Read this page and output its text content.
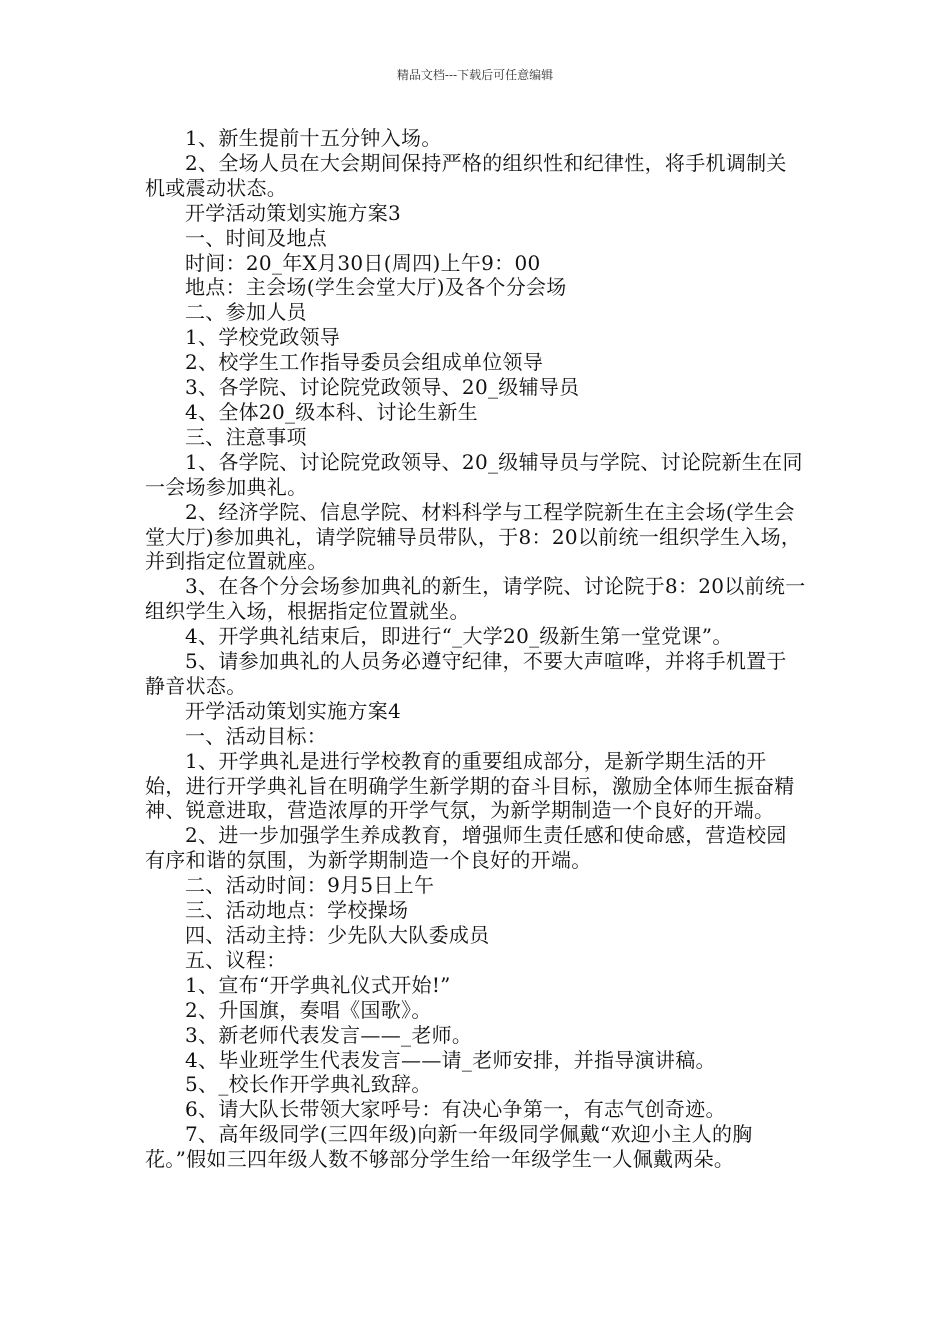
精品文档---下载后可任意编辑

1、新生提前十五分钟入场。

2、全场人员在大会期间保持严格的组织性和纪律性，将手机调制关机或震动状态。

开学活动策划实施方案3

一、时间及地点

时间：20_年X月30日(周四)上午9：00

地点：主会场(学生会堂大厅)及各个分会场

二、参加人员

1、学校党政领导

2、校学生工作指导委员会组成单位领导

3、各学院、讨论院党政领导、20_级辅导员

4、全体20_级本科、讨论生新生

三、注意事项

1、各学院、讨论院党政领导、20_级辅导员与学院、讨论院新生在同一会场参加典礼。

2、经济学院、信息学院、材料科学与工程学院新生在主会场(学生会堂大厅)参加典礼，请学院辅导员带队，于8：20以前统一组织学生入场，并到指定位置就座。

3、在各个分会场参加典礼的新生，请学院、讨论院于8：20以前统一组织学生入场，根据指定位置就坐。

4、开学典礼结束后，即进行“_大学20_级新生第一堂党课”。

5、请参加典礼的人员务必遵守纪律，不要大声喧哗，并将手机置于静音状态。

开学活动策划实施方案4

一、活动目标：

1、开学典礼是进行学校教育的重要组成部分，是新学期生活的开始，进行开学典礼旨在明确学生新学期的奋斗目标，激励全体师生振奋精神、锐意进取，营造浓厚的开学气氛，为新学期制造一个良好的开端。

2、进一步加强学生养成教育，增强师生责任感和使命感，营造校园有序和谐的氛围，为新学期制造一个良好的开端。

二、活动时间：9月5日上午

三、活动地点：学校操场

四、活动主持：少先队大队委成员

五、议程：

1、宣布“开学典礼仪式开始!”

2、升国旗，奏唱《国歌》。

3、新老师代表发言——_老师。

4、毕业班学生代表发言——请_老师安排，并指导演讲稿。

5、_校长作开学典礼致辞。

6、请大队长带领大家呼号：有决心争第一，有志气创奇迹。

7、高年级同学(三四年级)向新一年级同学佩戴“欢迎小主人的胸花。”假如三四年级人数不够部分学生给一年级学生一人佩戴两朵。
